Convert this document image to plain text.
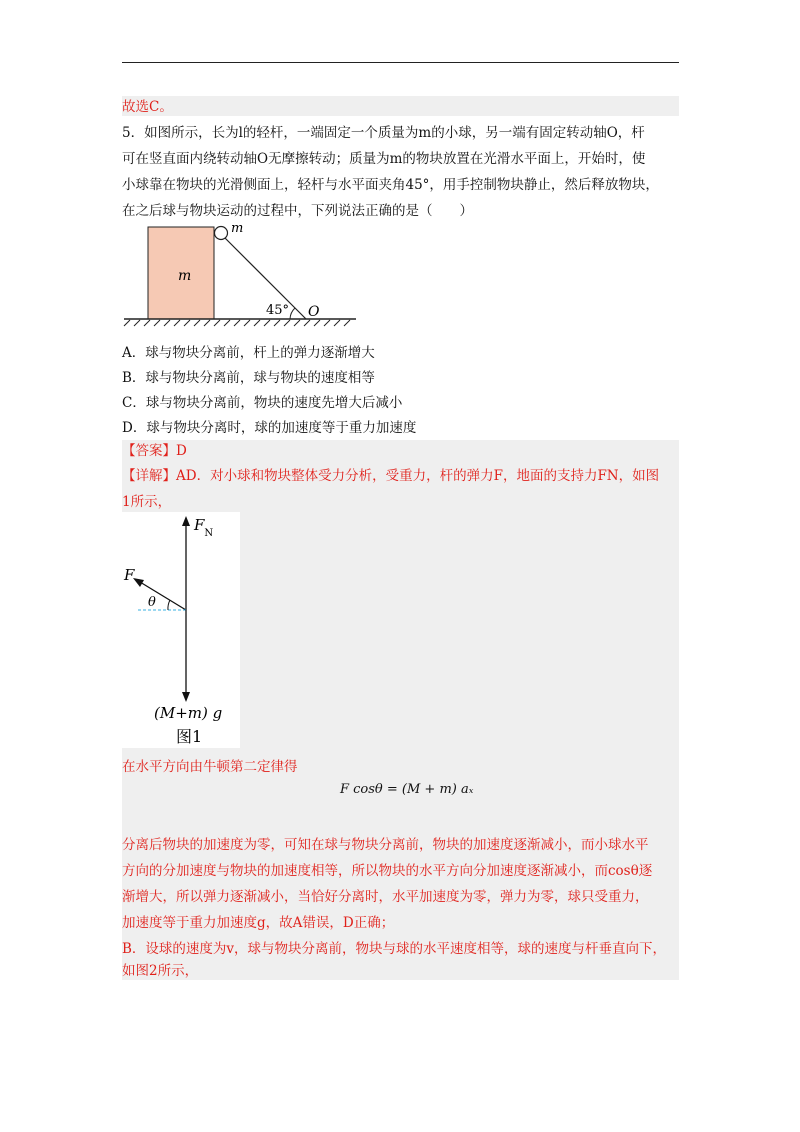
故选C。
5．如图所示，长为l的轻杆，一端固定一个质量为m的小球，另一端有固定转动轴O，杆
可在竖直面内绕转动轴O无摩擦转动；质量为m的物块放置在光滑水平面上，开始时，使
小球靠在物块的光滑侧面上，轻杆与水平面夹角45°，用手控制物块静止，然后释放物块，
在之后球与物块运动的过程中，下列说法正确的是（　　）
m
m
45° O
A．球与物块分离前，杆上的弹力逐渐增大
B．球与物块分离前，球与物块的速度相等
C．球与物块分离前，物块的速度先增大后减小
D．球与物块分离时，球的加速度等于重力加速度
【答案】D
【详解】AD．对小球和物块整体受力分析，受重力，杆的弹力F，地面的支持力FN，如图
1所示，
$F_N$
F
θ
(M+m) g
图1
在水平方向由牛顿第二定律得
F cosθ = (M + m) aₓ
分离后物块的加速度为零，可知在球与物块分离前，物块的加速度逐渐减小，而小球水平
方向的分加速度与物块的加速度相等，所以物块的水平方向分加速度逐渐减小，而cosθ逐
渐增大，所以弹力逐渐减小，当恰好分离时，水平加速度为零，弹力为零，球只受重力，
加速度等于重力加速度g，故A错误，D正确；
B．设球的速度为v，球与物块分离前，物块与球的水平速度相等，球的速度与杆垂直向下，
如图2所示，
